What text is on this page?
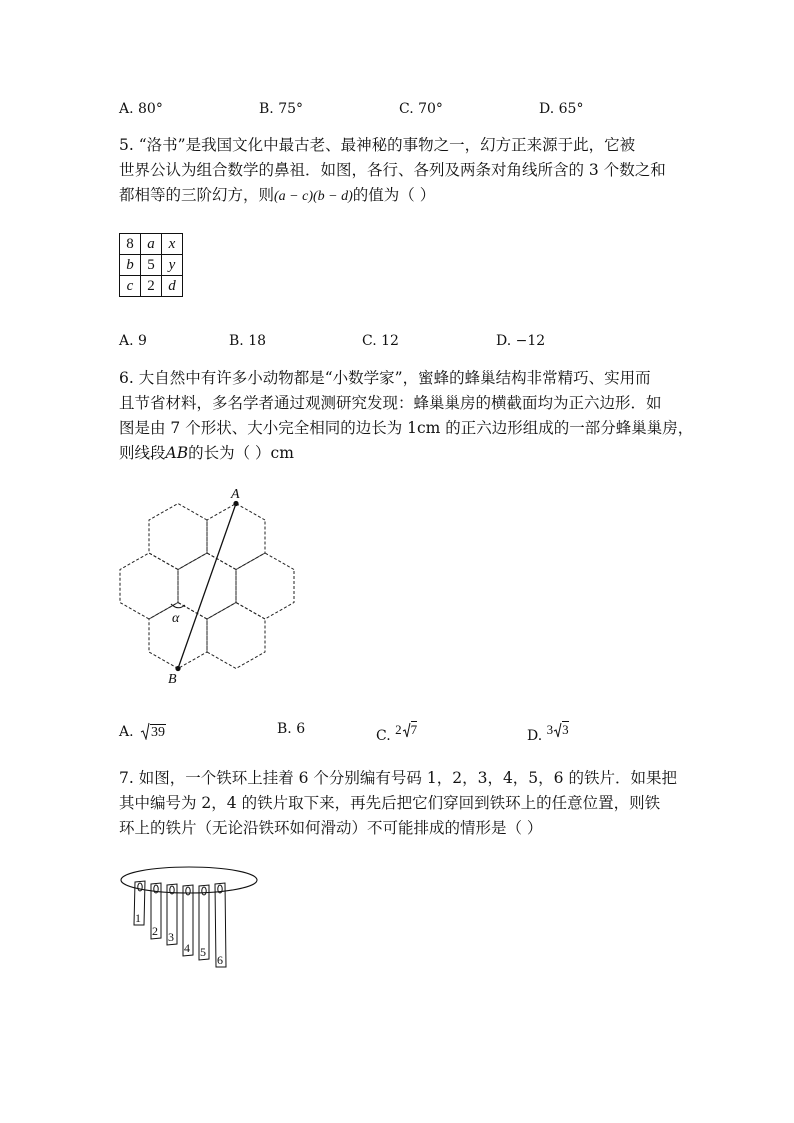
A. 80°	B. 75°	C. 70°	D. 65°
5. “洛书”是我国文化中最古老、最神秘的事物之一，幻方正来源于此，它被
世界公认为组合数学的鼻祖．如图，各行、各列及两条对角线所含的 3 个数之和
都相等的三阶幻方，则(a − c)(b − d)的值为（ ）
8	a	x
b	5	y
c	2	d
A. 9	B. 18	C. 12	D. −12
6. 大自然中有许多小动物都是“小数学家”，蜜蜂的蜂巢结构非常精巧、实用而
且节省材料，多名学者通过观测研究发现：蜂巢巢房的横截面均为正六边形．如
图是由 7 个形状、大小完全相同的边长为 1cm 的正六边形组成的一部分蜂巢巢房，
则线段AB的长为（ ）cm
A
B
α
A. 39	B. 6	C. 2 7	D. 3 3
7. 如图，一个铁环上挂着 6 个分别编有号码 1，2，3，4，5，6 的铁片．如果把
其中编号为 2，4 的铁片取下来，再先后把它们穿回到铁环上的任意位置，则铁
环上的铁片（无论沿铁环如何滑动）不可能排成的情形是（ ）
1
2 3
4 5
6
